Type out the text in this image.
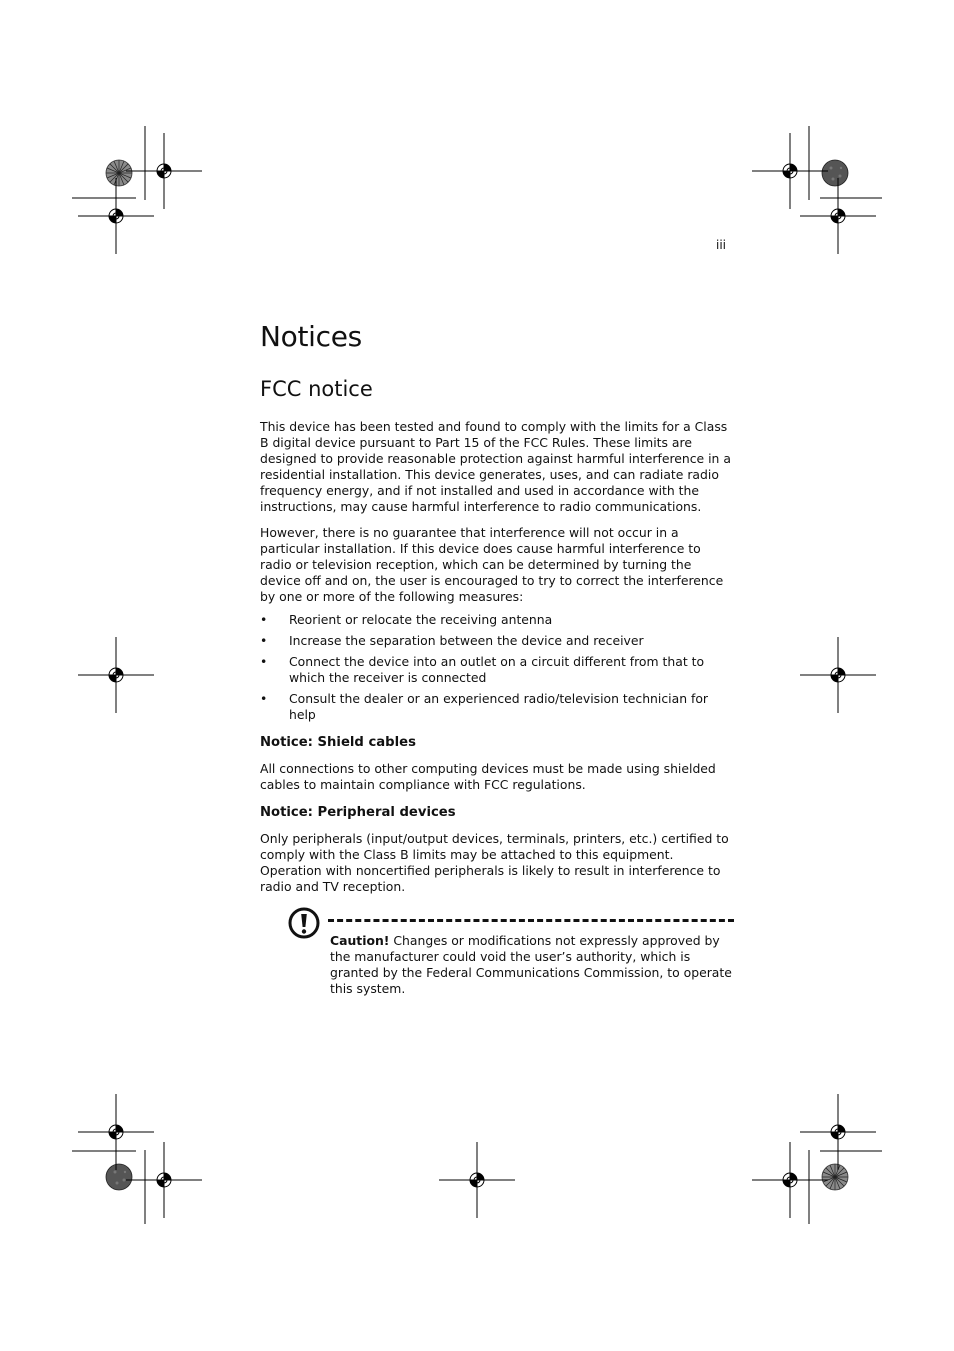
iii
Notices
FCC notice

This device has been tested and found to comply with the limits for a Class B digital device pursuant to Part 15 of the FCC Rules. These limits are designed to provide reasonable protection against harmful interference in a residential installation. This device generates, uses, and can radiate radio frequency energy, and if not installed and used in accordance with the instructions, may cause harmful interference to radio communications.

However, there is no guarantee that interference will not occur in a particular installation. If this device does cause harmful interference to radio or television reception, which can be determined by turning the device off and on, the user is encouraged to try to correct the interference by one or more of the following measures:

• Reorient or relocate the receiving antenna
• Increase the separation between the device and receiver
• Connect the device into an outlet on a circuit different from that to which the receiver is connected
• Consult the dealer or an experienced radio/television technician for help
Notice: Shield cables

All connections to other computing devices must be made using shielded cables to maintain compliance with FCC regulations.

Notice: Peripheral devices

Only peripherals (input/output devices, terminals, printers, etc.) certified to comply with the Class B limits may be attached to this equipment. Operation with noncertified peripherals is likely to result in interference to radio and TV reception.

Caution! Changes or modifications not expressly approved by the manufacturer could void the user’s authority, which is granted by the Federal Communications Commission, to operate this system.
